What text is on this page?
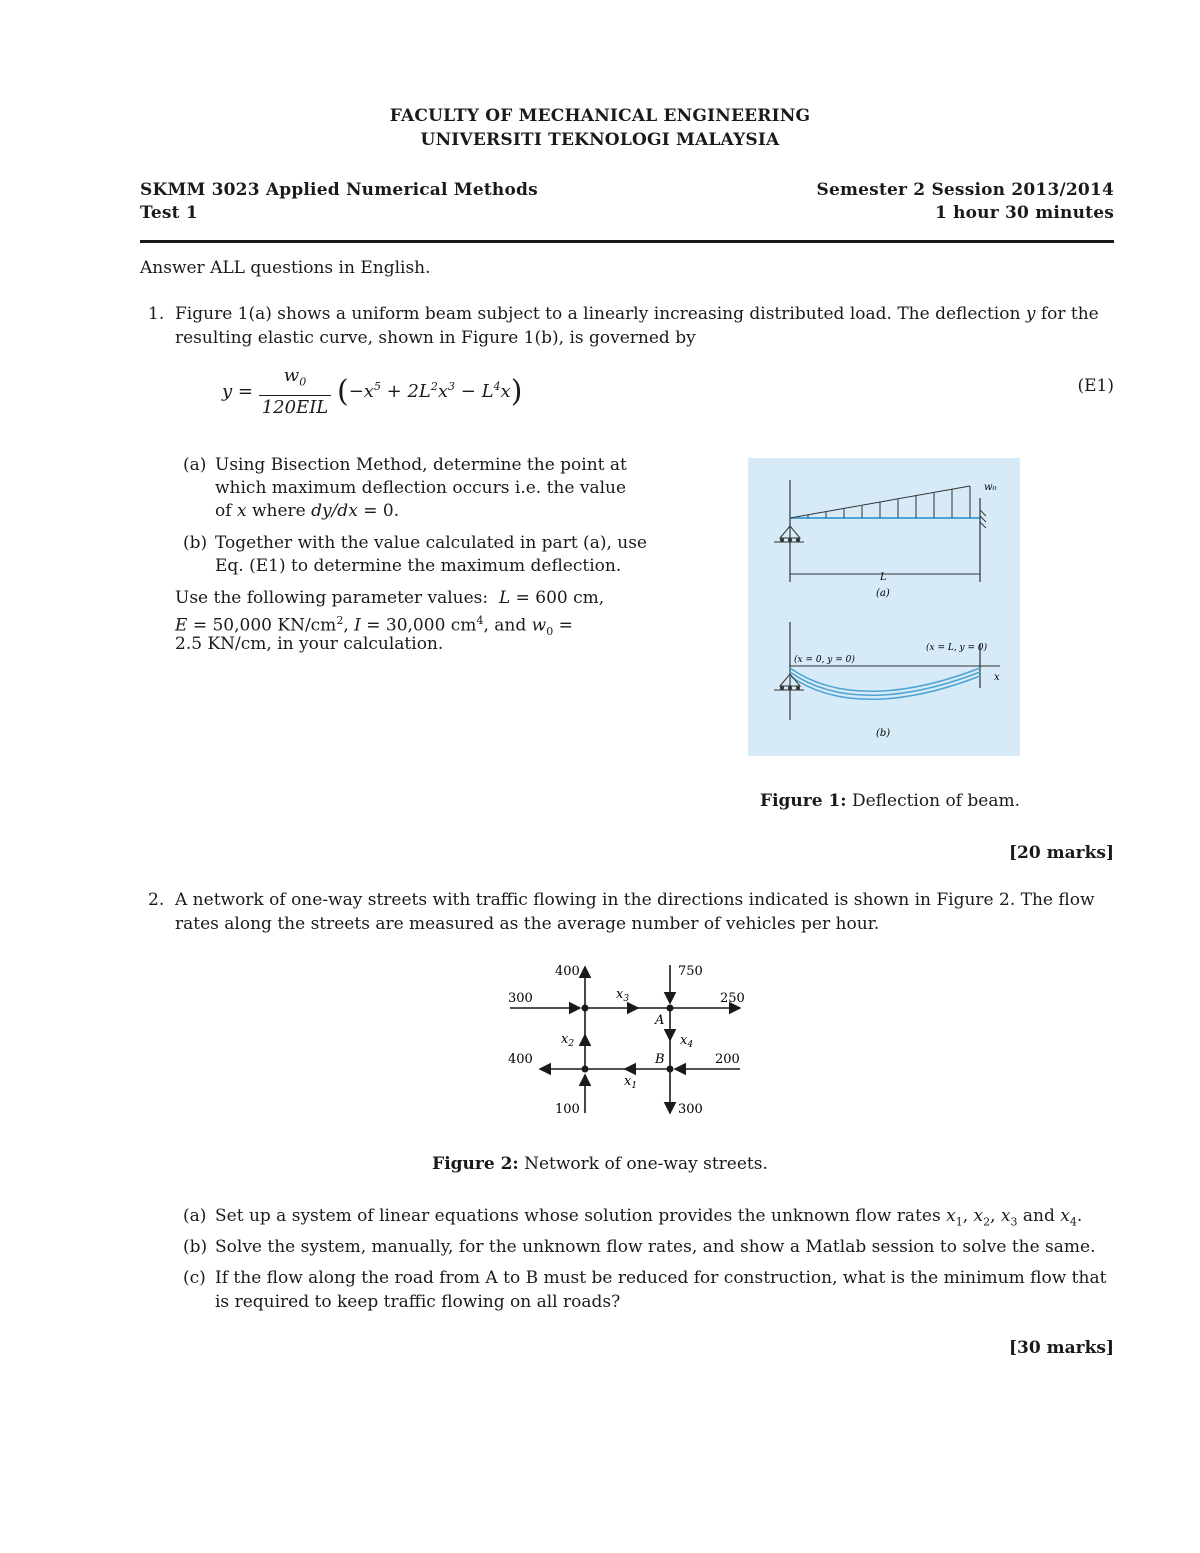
FACULTY OF MECHANICAL ENGINEERING
UNIVERSITI TEKNOLOGI MALAYSIA
SKMM 3023 Applied Numerical Methods
Test 1
Semester 2 Session 2013/2014
1 hour 30 minutes
Answer ALL questions in English.
1. Figure 1(a) shows a uniform beam subject to a linearly increasing distributed load. The deflection y for the
resulting elastic curve, shown in Figure 1(b), is governed by
$y = \frac{w_0}{\text{120EIL}} (-x^5 + 2L^2x^3 - L^4x)$	(E1)
(a) Using Bisection Method, determine the point at
which maximum deflection occurs i.e. the value
of x where dy/dx = 0.
(b) Together with the value calculated in part (a), use
Eq. (E1) to determine the maximum deflection.
Use the following parameter values: L = 600 cm,
E = 50,000 $KN/cm^2$, I = 30,000 $cm^4$, and $w_0$ =
2.5 KN/cm, in your calculation.
w₀
L
(a)
x
(x = 0, y = 0)
(x = L, y = 0)
(b)
Figure 1: Deflection of beam.
[20 marks]
2. A network of one-way streets with traffic flowing in the directions indicated is shown in Figure 2. The flow
rates along the streets are measured as the average number of vehicles per hour.
400	750
300	250
400	200
100	300
A
B
$x_3$
$x_2$	$x_4$
$x_1$
Figure 2: Network of one-way streets.
(a) Set up a system of linear equations whose solution provides the unknown flow rates $x_1$, $x_2$, $x_3$ and $x_4$.
(b) Solve the system, manually, for the unknown flow rates, and show a Matlab session to solve the same.
(c) If the flow along the road from A to B must be reduced for construction, what is the minimum flow that
is required to keep traffic flowing on all roads?
[30 marks]
